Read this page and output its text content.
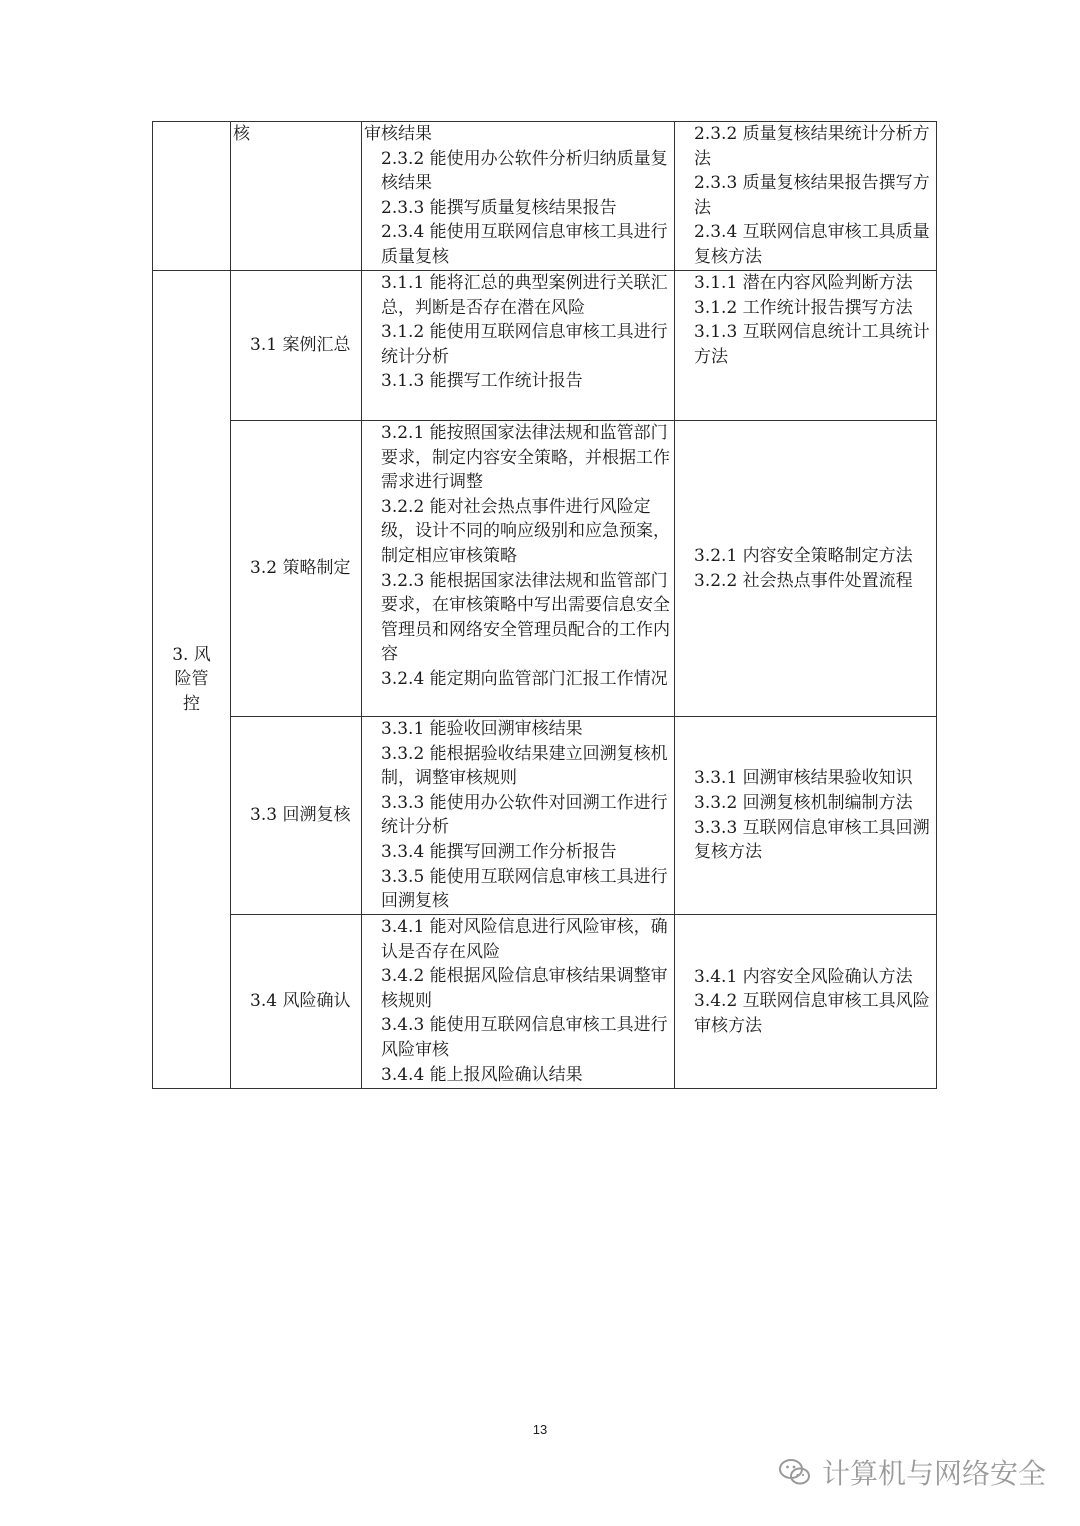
	核	审核结果
2.3.2 能使用办公软件分析归纳质量复核结果
2.3.3 能撰写质量复核结果报告
2.3.4 能使用互联网信息审核工具进行质量复核	2.3.2 质量复核结果统计分析方法
2.3.3 质量复核结果报告撰写方法
2.3.4 互联网信息审核工具质量复核方法

3. 风险管控	3.1 案例汇总	3.1.1 能将汇总的典型案例进行关联汇总，判断是否存在潜在风险
3.1.2 能使用互联网信息审核工具进行统计分析
3.1.3 能撰写工作统计报告	3.1.1 潜在内容风险判断方法
3.1.2 工作统计报告撰写方法
3.1.3 互联网信息统计工具统计方法

	3.2 策略制定	3.2.1 能按照国家法律法规和监管部门要求，制定内容安全策略，并根据工作需求进行调整
3.2.2 能对社会热点事件进行风险定级，设计不同的响应级别和应急预案，制定相应审核策略
3.2.3 能根据国家法律法规和监管部门要求，在审核策略中写出需要信息安全管理员和网络安全管理员配合的工作内容
3.2.4 能定期向监管部门汇报工作情况	3.2.1 内容安全策略制定方法
3.2.2 社会热点事件处置流程

	3.3 回溯复核	3.3.1 能验收回溯审核结果
3.3.2 能根据验收结果建立回溯复核机制，调整审核规则
3.3.3 能使用办公软件对回溯工作进行统计分析
3.3.4 能撰写回溯工作分析报告
3.3.5 能使用互联网信息审核工具进行回溯复核	3.3.1 回溯审核结果验收知识
3.3.2 回溯复核机制编制方法
3.3.3 互联网信息审核工具回溯复核方法

	3.4 风险确认	3.4.1 能对风险信息进行风险审核，确认是否存在风险
3.4.2 能根据风险信息审核结果调整审核规则
3.4.3 能使用互联网信息审核工具进行风险审核
3.4.4 能上报风险确认结果	3.4.1 内容安全风险确认方法
3.4.2 互联网信息审核工具风险审核方法
13
计算机与网络安全
